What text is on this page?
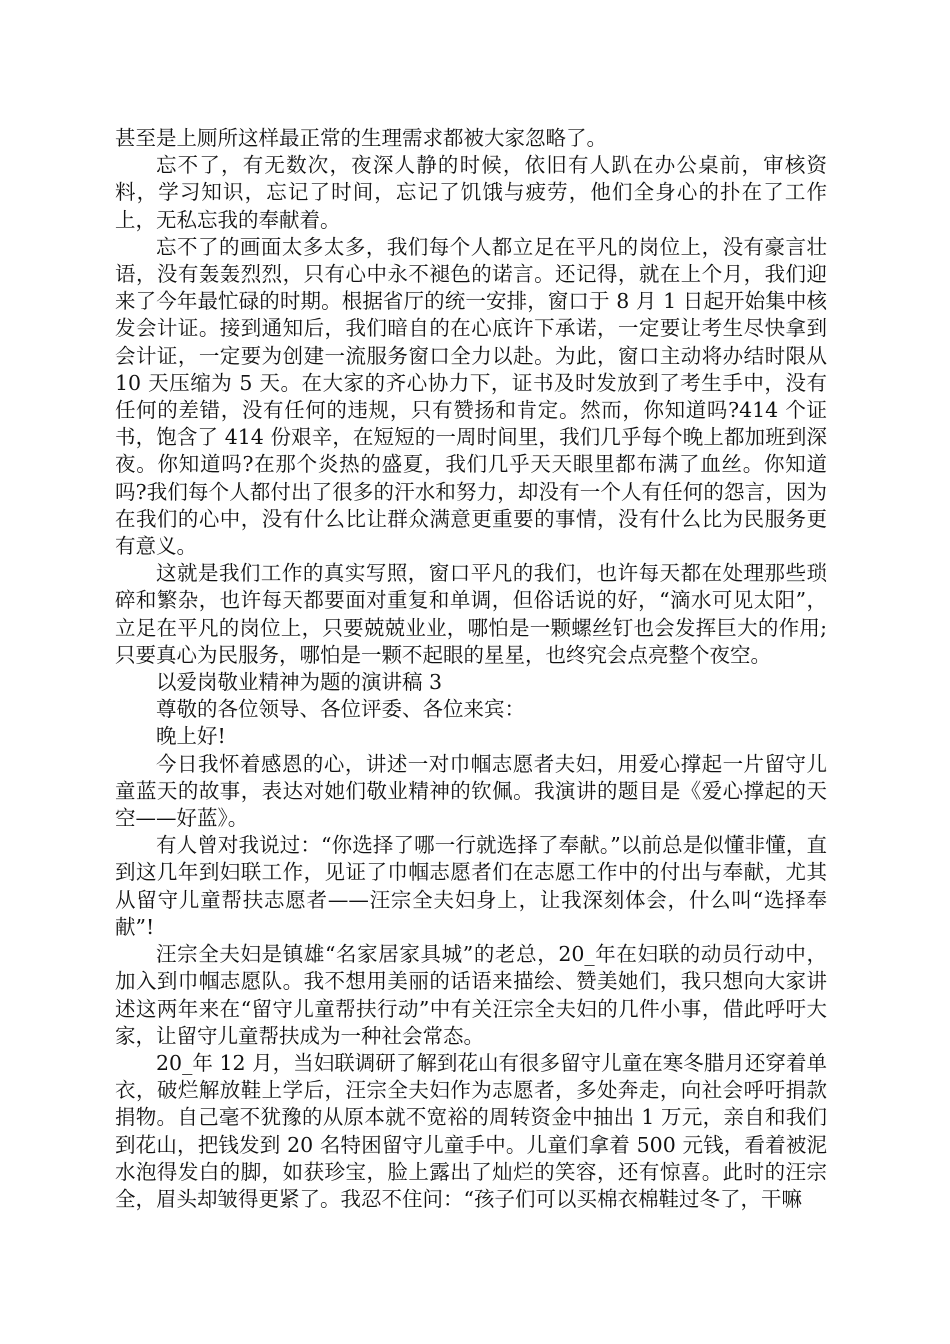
甚至是上厕所这样最正常的生理需求都被大家忽略了。

忘不了，有无数次，夜深人静的时候，依旧有人趴在办公桌前，审核资料，学习知识，忘记了时间，忘记了饥饿与疲劳，他们全身心的扑在了工作上，无私忘我的奉献着。

忘不了的画面太多太多，我们每个人都立足在平凡的岗位上，没有豪言壮语，没有轰轰烈烈，只有心中永不褪色的诺言。还记得，就在上个月，我们迎来了今年最忙碌的时期。根据省厅的统一安排，窗口于 8 月 1 日起开始集中核发会计证。接到通知后，我们暗自的在心底许下承诺，一定要让考生尽快拿到会计证，一定要为创建一流服务窗口全力以赴。为此，窗口主动将办结时限从 10 天压缩为 5 天。在大家的齐心协力下，证书及时发放到了考生手中，没有任何的差错，没有任何的违规，只有赞扬和肯定。然而，你知道吗?414 个证书，饱含了 414 份艰辛，在短短的一周时间里，我们几乎每个晚上都加班到深夜。你知道吗?在那个炎热的盛夏，我们几乎天天眼里都布满了血丝。你知道吗?我们每个人都付出了很多的汗水和努力，却没有一个人有任何的怨言，因为在我们的心中，没有什么比让群众满意更重要的事情，没有什么比为民服务更有意义。

这就是我们工作的真实写照，窗口平凡的我们，也许每天都在处理那些琐碎和繁杂，也许每天都要面对重复和单调，但俗话说的好，“滴水可见太阳”，立足在平凡的岗位上，只要兢兢业业，哪怕是一颗螺丝钉也会发挥巨大的作用;只要真心为民服务，哪怕是一颗不起眼的星星，也终究会点亮整个夜空。

以爱岗敬业精神为题的演讲稿 3

尊敬的各位领导、各位评委、各位来宾：

晚上好!

今日我怀着感恩的心，讲述一对巾帼志愿者夫妇，用爱心撑起一片留守儿童蓝天的故事，表达对她们敬业精神的钦佩。我演讲的题目是《爱心撑起的天空——好蓝》。

有人曾对我说过：“你选择了哪一行就选择了奉献。”以前总是似懂非懂，直到这几年到妇联工作，见证了巾帼志愿者们在志愿工作中的付出与奉献，尤其从留守儿童帮扶志愿者——汪宗全夫妇身上，让我深刻体会，什么叫“选择奉献”!

汪宗全夫妇是镇雄“名家居家具城”的老总，20_年在妇联的动员行动中，加入到巾帼志愿队。我不想用美丽的话语来描绘、赞美她们，我只想向大家讲述这两年来在“留守儿童帮扶行动”中有关汪宗全夫妇的几件小事，借此呼吁大家，让留守儿童帮扶成为一种社会常态。

20_年 12 月，当妇联调研了解到花山有很多留守儿童在寒冬腊月还穿着单衣，破烂解放鞋上学后，汪宗全夫妇作为志愿者，多处奔走，向社会呼吁捐款捐物。自己毫不犹豫的从原本就不宽裕的周转资金中抽出 1 万元，亲自和我们到花山，把钱发到 20 名特困留守儿童手中。儿童们拿着 500 元钱，看着被泥水泡得发白的脚，如获珍宝，脸上露出了灿烂的笑容，还有惊喜。此时的汪宗全，眉头却皱得更紧了。我忍不住问：“孩子们可以买棉衣棉鞋过冬了，干嘛
